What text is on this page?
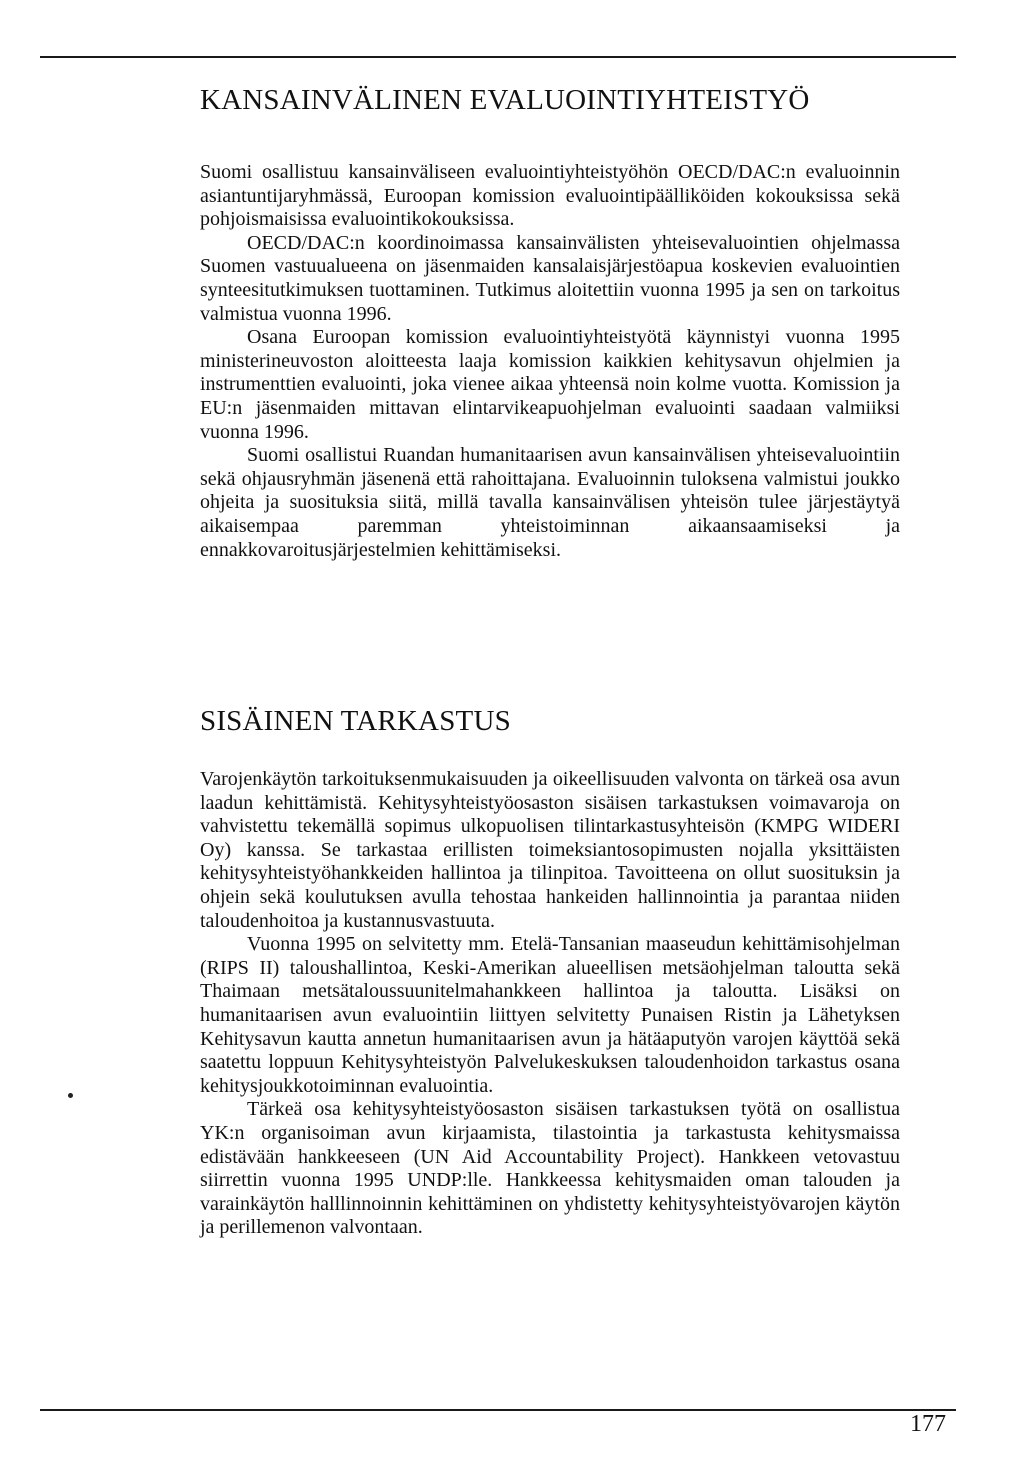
KANSAINVÄLINEN EVALUOINTIYHTEISTYÖ

Suomi osallistuu kansainväliseen evaluointiyhteistyöhön OECD/DAC:n evaluoinnin asiantuntijaryhmässä, Euroopan komission evaluointipäälliköiden kokouksissa sekä pohjoismaisissa evaluointikokouksissa.

OECD/DAC:n koordinoimassa kansainvälisten yhteisevaluointien ohjelmassa Suomen vastuualueena on jäsenmaiden kansalaisjärjestöapua koskevien evaluointien synteesitutkimuksen tuottaminen. Tutkimus aloitettiin vuonna 1995 ja sen on tarkoitus valmistua vuonna 1996.

Osana Euroopan komission evaluointiyhteistyötä käynnistyi vuonna 1995 ministerineuvoston aloitteesta laaja komission kaikkien kehitysavun ohjelmien ja instrumenttien evaluointi, joka vienee aikaa yhteensä noin kolme vuotta. Komission ja EU:n jäsenmaiden mittavan elintarvikeapuohjelman evaluointi saadaan valmiiksi vuonna 1996.

Suomi osallistui Ruandan humanitaarisen avun kansainvälisen yhteisevaluointiin sekä ohjausryhmän jäsenenä että rahoittajana. Evaluoinnin tuloksena valmistui joukko ohjeita ja suosituksia siitä, millä tavalla kansainvälisen yhteisön tulee järjestäytyä aikaisempaa paremman yhteistoiminnan aikaansaamiseksi ja ennakkovaroitusjärjestelmien kehittämiseksi.

SISÄINEN TARKASTUS

Varojenkäytön tarkoituksenmukaisuuden ja oikeellisuuden valvonta on tärkeä osa avun laadun kehittämistä. Kehitysyhteistyöosaston sisäisen tarkastuksen voimavaroja on vahvistettu tekemällä sopimus ulkopuolisen tilintarkastusyhteisön (KMPG WIDERI Oy) kanssa. Se tarkastaa erillisten toimeksiantosopimusten nojalla yksittäisten kehitysyhteistyöhankkeiden hallintoa ja tilinpitoa. Tavoitteena on ollut suosituksin ja ohjein sekä koulutuksen avulla tehostaa hankeiden hallinnointia ja parantaa niiden taloudenhoitoa ja kustannusvastuuta.

Vuonna 1995 on selvitetty mm. Etelä-Tansanian maaseudun kehittämisohjelman (RIPS II) taloushallintoa, Keski-Amerikan alueellisen metsäohjelman taloutta sekä Thaimaan metsätaloussuunitelmahankkeen hallintoa ja taloutta. Lisäksi on humanitaarisen avun evaluointiin liittyen selvitetty Punaisen Ristin ja Lähetyksen Kehitysavun kautta annetun humanitaarisen avun ja hätäaputyön varojen käyttöä sekä saatettu loppuun Kehitysyhteistyön Palvelukeskuksen taloudenhoidon tarkastus osana kehitysjoukkotoiminnan evaluointia.

Tärkeä osa kehitysyhteistyöosaston sisäisen tarkastuksen työtä on osallistua YK:n organisoiman avun kirjaamista, tilastointia ja tarkastusta kehitysmaissa edistävään hankkeeseen (UN Aid Accountability Project). Hankkeen vetovastuu siirrettin vuonna 1995 UNDP:lle. Hankkeessa kehitysmaiden oman talouden ja varainkäytön halllinnoinnin kehittäminen on yhdistetty kehitysyhteistyövarojen käytön ja perillemenon valvontaan.

177
